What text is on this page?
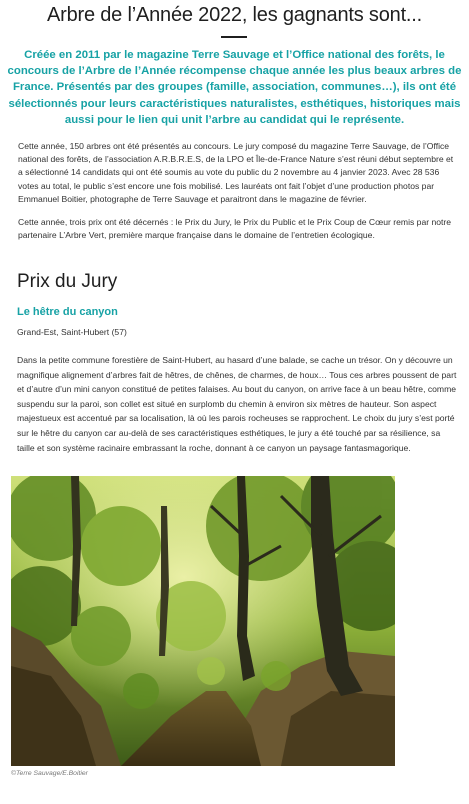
Arbre de l’Année 2022, les gagnants sont...

Créée en 2011 par le magazine Terre Sauvage et l’Office national des forêts, le concours de l’Arbre de l’Année récompense chaque année les plus beaux arbres de France. Présentés par des groupes (famille, association, communes…), ils ont été sélectionnés pour leurs caractéristiques naturalistes, esthétiques, historiques mais aussi pour le lien qui unit l’arbre au candidat qui le représente.

Cette année, 150 arbres ont été présentés au concours. Le jury composé du magazine Terre Sauvage, de l’Office national des forêts, de l’association A.R.B.R.E.S, de la LPO et Île-de-France Nature s’est réuni début septembre et a sélectionné 14 candidats qui ont été soumis au vote du public du 2 novembre au 4 janvier 2023. Avec 28 536 votes au total, le public s’est encore une fois mobilisé. Les lauréats ont fait l’objet d’une production photos par Emmanuel Boitier, photographe de Terre Sauvage et paraitront dans le magazine de février.

Cette année, trois prix ont été décernés : le Prix du Jury, le Prix du Public et le Prix Coup de Cœur remis par notre partenaire L’Arbre Vert, première marque française dans le domaine de l’entretien écologique.

Prix du Jury
Le hêtre du canyon

Grand-Est, Saint-Hubert (57)

Dans la petite commune forestière de Saint-Hubert, au hasard d’une balade, se cache un trésor. On y découvre un magnifique alignement d’arbres fait de hêtres, de chênes, de charmes, de houx… Tous ces arbres poussent de part et d’autre d’un mini canyon constitué de petites falaises. Au bout du canyon, on arrive face à un beau hêtre, comme suspendu sur la paroi, son collet est situé en surplomb du chemin à environ six mètres de hauteur. Son aspect majestueux est accentué par sa localisation, là où les parois rocheuses se rapprochent. Le choix du jury s’est porté sur le hêtre du canyon car au-delà de ses caractéristiques esthétiques, le jury a été touché par sa résilience, sa taille et son système racinaire embrassant la roche, donnant à ce canyon un paysage fantasmagorique.

©Terre Sauvage/E.Boitier
